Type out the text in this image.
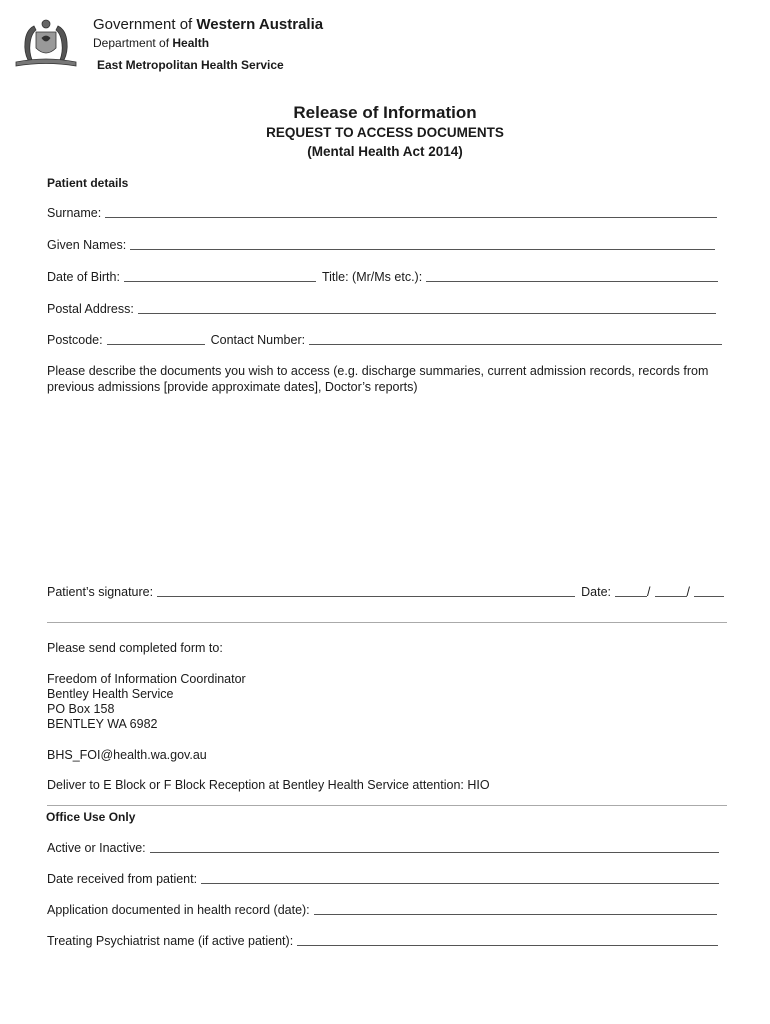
Government of Western Australia
Department of Health
East Metropolitan Health Service
Release of Information
REQUEST TO ACCESS DOCUMENTS
(Mental Health Act 2014)
Patient details
Surname:
Given Names:
Date of Birth:	Title: (Mr/Ms etc.):
Postal Address:
Postcode:	Contact Number:
Please describe the documents you wish to access (e.g. discharge summaries, current admission records, records from previous admissions [provide approximate dates], Doctor’s reports)
Patient’s signature:	Date:	/	/
Please send completed form to:
Freedom of Information Coordinator
Bentley Health Service
PO Box 158
BENTLEY WA 6982
BHS_FOI@health.wa.gov.au
Deliver to E Block or F Block Reception at Bentley Health Service attention: HIO
Office Use Only
Active or Inactive:
Date received from patient:
Application documented in health record (date):
Treating Psychiatrist name (if active patient):
